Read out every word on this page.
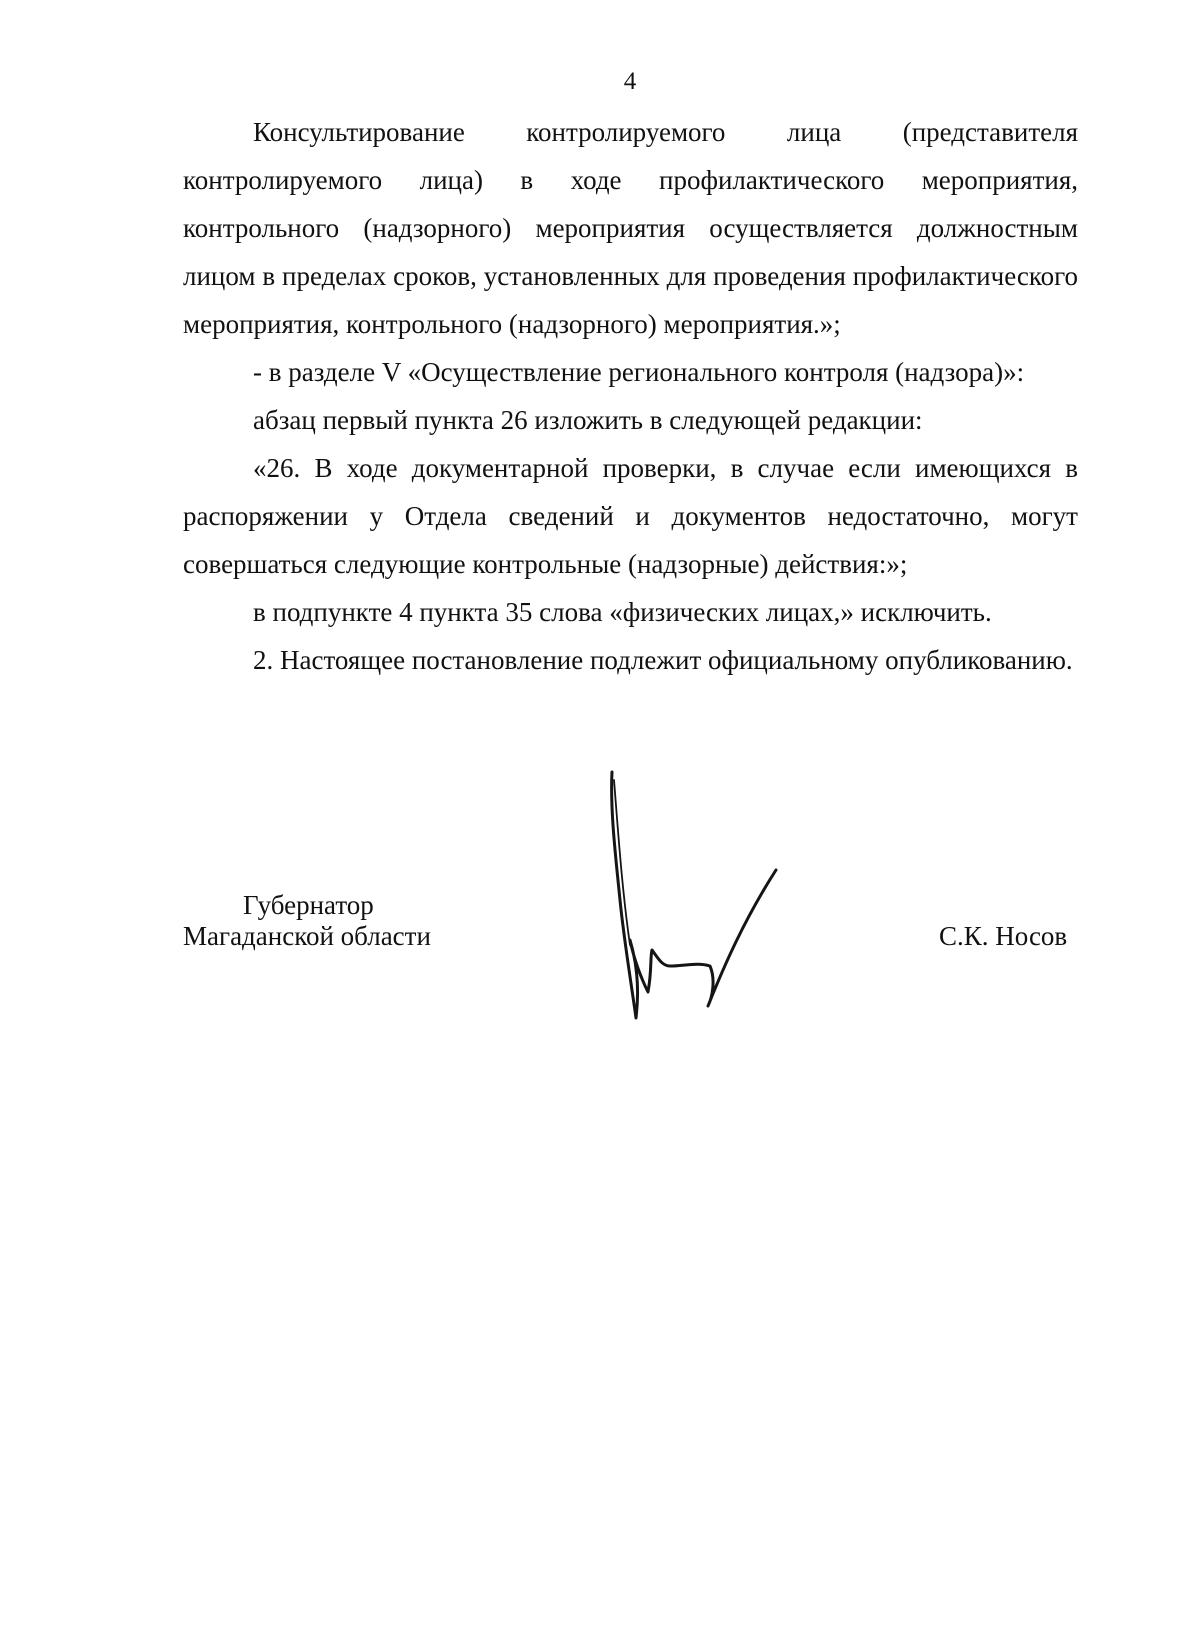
4

Консультирование контролируемого лица (представителя контролируемого лица) в ходе профилактического мероприятия, контрольного (надзорного) мероприятия осуществляется должностным лицом в пределах сроков, установленных для проведения профилактического мероприятия, контрольного (надзорного) мероприятия.»;

- в разделе V «Осуществление регионального контроля (надзора)»:

абзац первый пункта 26 изложить в следующей редакции:

«26. В ходе документарной проверки, в случае если имеющихся в распоряжении у Отдела сведений и документов недостаточно, могут совершаться следующие контрольные (надзорные) действия:»;

в подпункте 4 пункта 35 слова «физических лицах,» исключить.

2. Настоящее постановление подлежит официальному опубликованию.

Губернатор
Магаданской области	С.К. Носов
